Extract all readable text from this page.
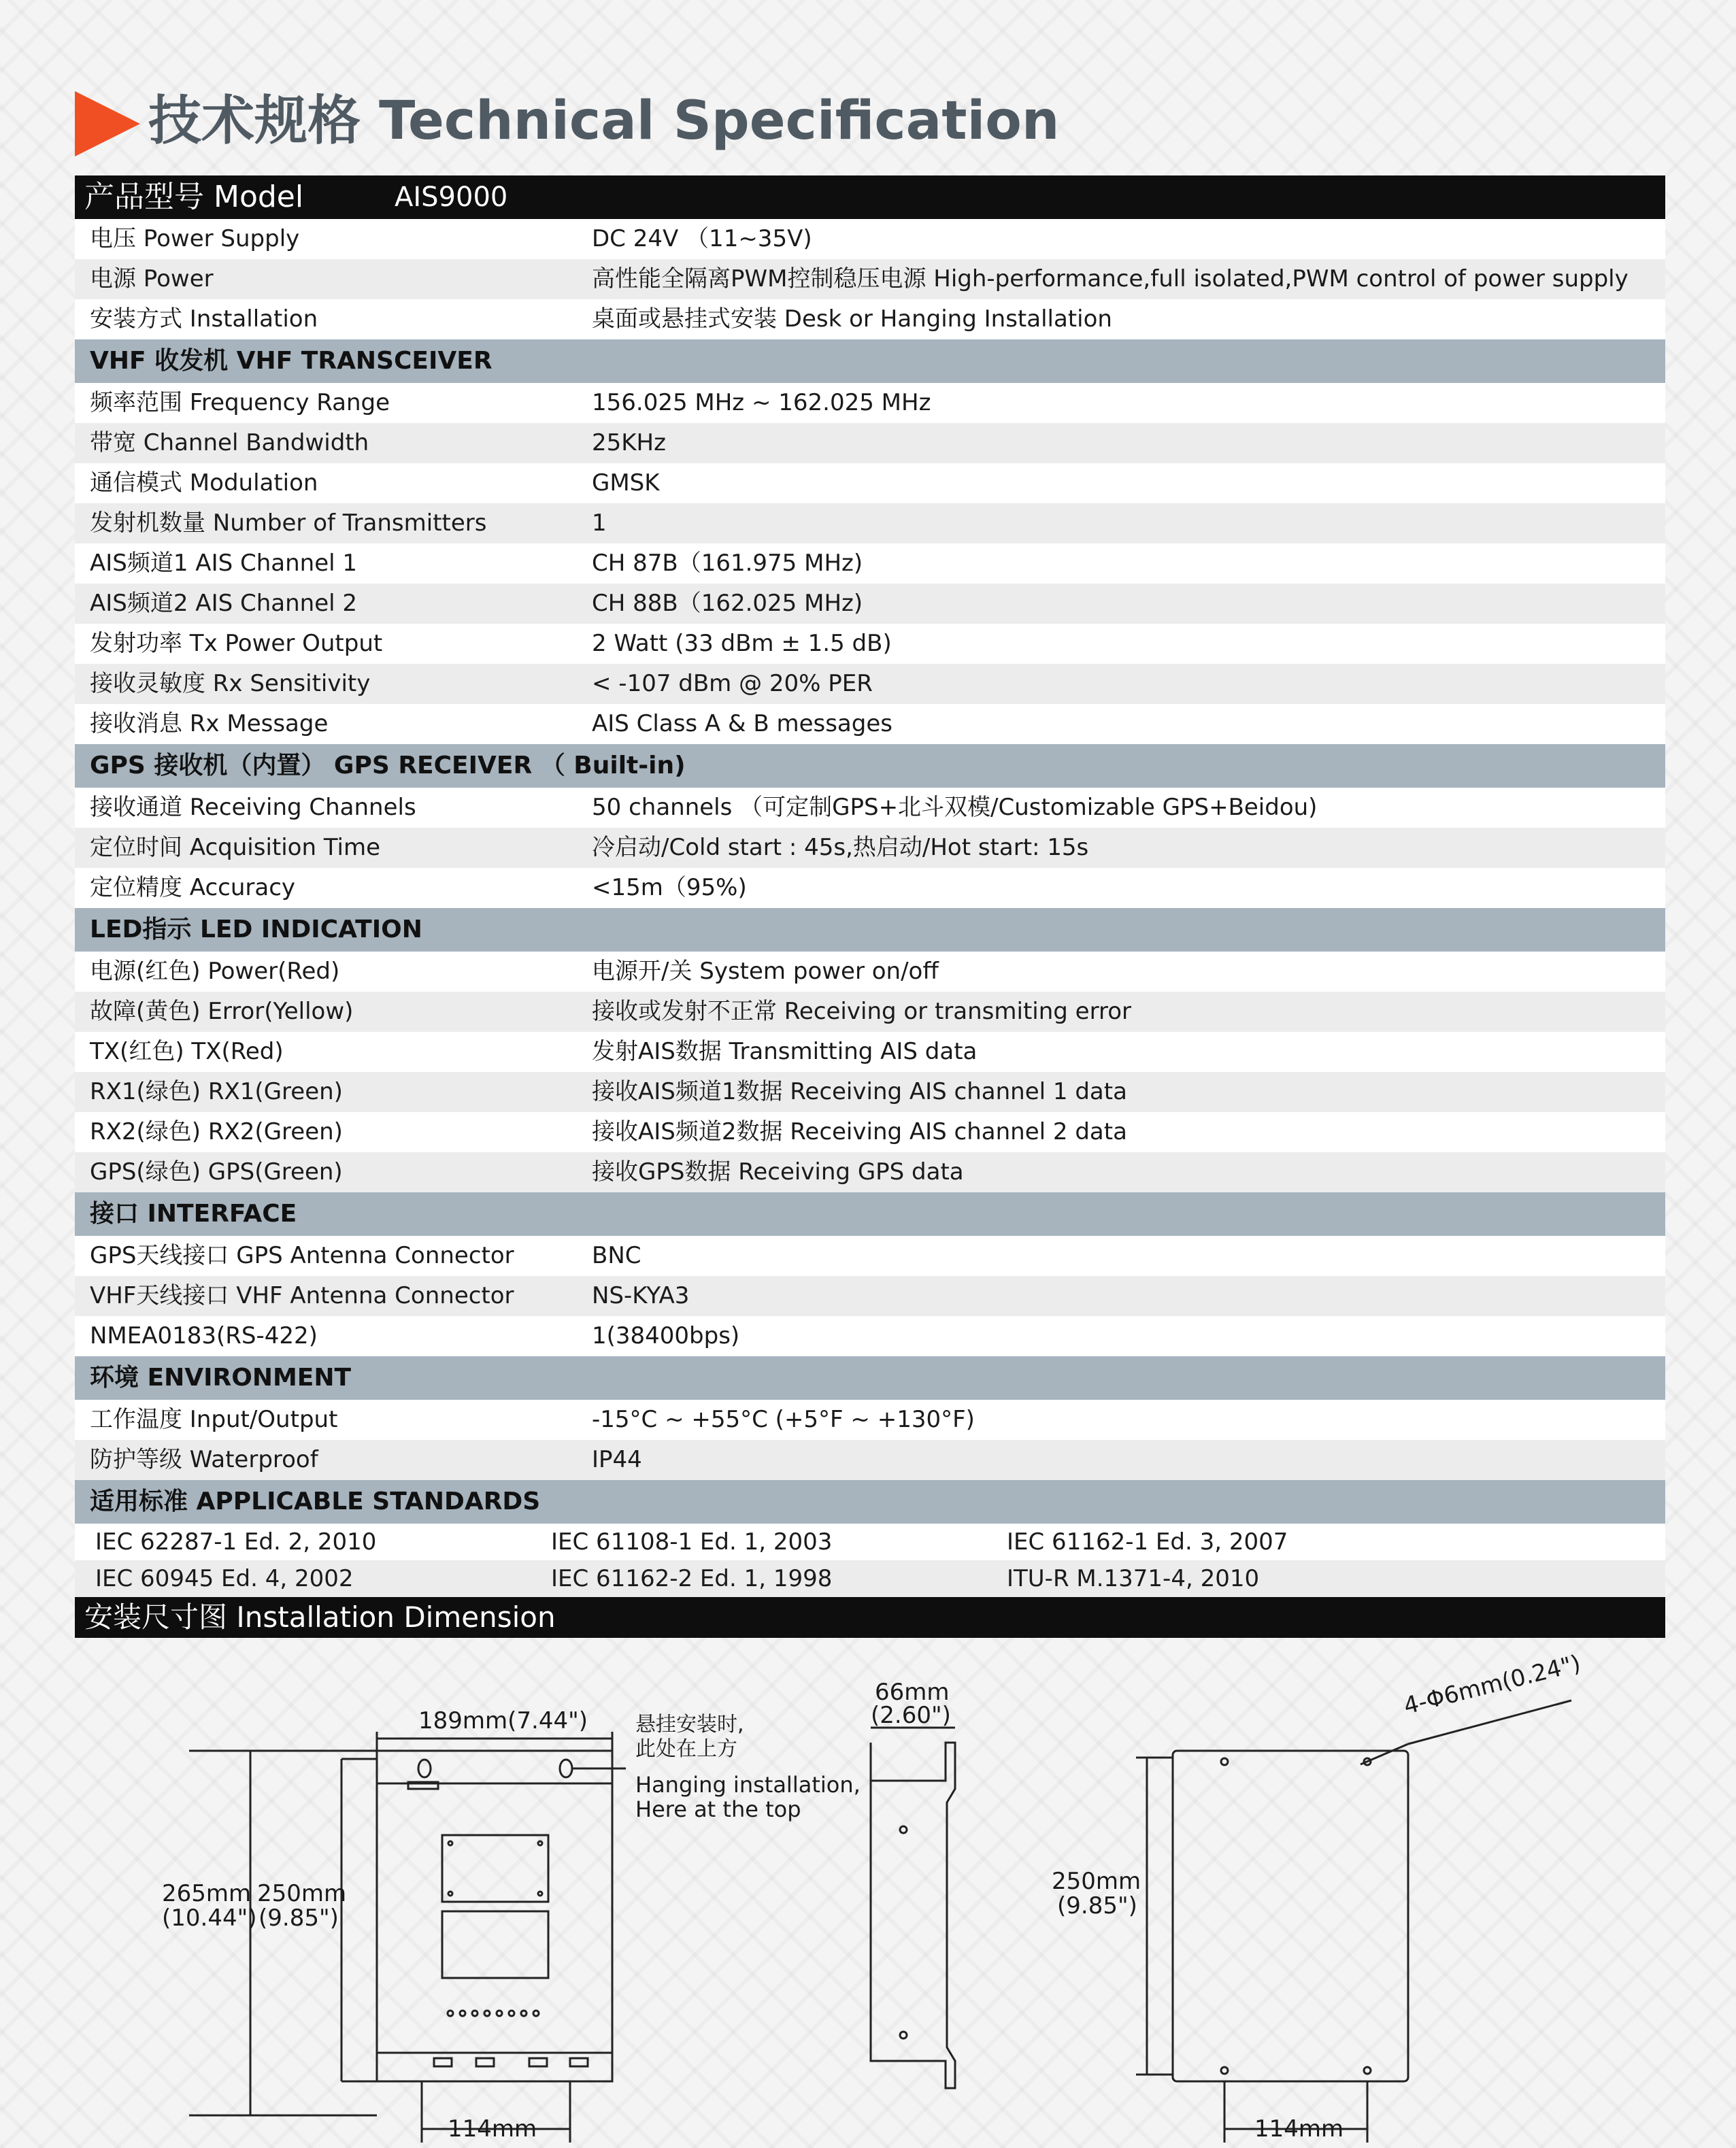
技术规格 Technical Specification
产品型号 Model	AIS9000
电压 Power Supply	DC 24V （11~35V)
电源 Power	高性能全隔离PWM控制稳压电源 High-performance,full isolated,PWM control of power supply
安装方式 Installation	桌面或悬挂式安装 Desk or Hanging Installation
VHF 收发机 VHF TRANSCEIVER
频率范围 Frequency Range	156.025 MHz ~ 162.025 MHz
带宽 Channel Bandwidth	25KHz
通信模式 Modulation	GMSK
发射机数量 Number of Transmitters	1
AIS频道1 AIS Channel 1	CH 87B（161.975 MHz)
AIS频道2 AIS Channel 2	CH 88B（162.025 MHz)
发射功率 Tx Power Output	2 Watt (33 dBm ± 1.5 dB)
接收灵敏度 Rx Sensitivity	< -107 dBm @ 20% PER
接收消息 Rx Message	AIS Class A & B messages
GPS 接收机（内置） GPS RECEIVER （ Built-in)
接收通道 Receiving Channels	50 channels （可定制GPS+北斗双模/Customizable GPS+Beidou)
定位时间 Acquisition Time	冷启动/Cold start : 45s,热启动/Hot start: 15s
定位精度 Accuracy	<15m（95%)
LED指示 LED INDICATION
电源(红色) Power(Red)	电源开/关 System power on/off
故障(黄色) Error(Yellow)	接收或发射不正常 Receiving or transmiting error
TX(红色) TX(Red)	发射AIS数据 Transmitting AIS data
RX1(绿色) RX1(Green)	接收AIS频道1数据 Receiving AIS channel 1 data
RX2(绿色) RX2(Green)	接收AIS频道2数据 Receiving AIS channel 2 data
GPS(绿色) GPS(Green)	接收GPS数据 Receiving GPS data
接口 INTERFACE
GPS天线接口 GPS Antenna Connector	BNC
VHF天线接口 VHF Antenna Connector	NS-KYA3
NMEA0183(RS-422)	1(38400bps)
环境 ENVIRONMENT
工作温度 Input/Output	-15°C ~ +55°C (+5°F ~ +130°F)
防护等级 Waterproof	IP44
适用标准 APPLICABLE STANDARDS
IEC 62287-1 Ed. 2, 2010	IEC 61108-1 Ed. 1, 2003	IEC 61162-1 Ed. 3, 2007
IEC 60945 Ed. 4, 2002	IEC 61162-2 Ed. 1, 1998	ITU-R M.1371-4, 2010
安装尺寸图 Installation Dimension
189mm(7.44") 悬挂安装时,
此处在上方
Hanging installation,
Here at the top
66mm
(2.60")
265mm
(10.44")
250mm
(9.85")
114mm
4-Φ6mm(0.24")
250mm
(9.85")
114mm
